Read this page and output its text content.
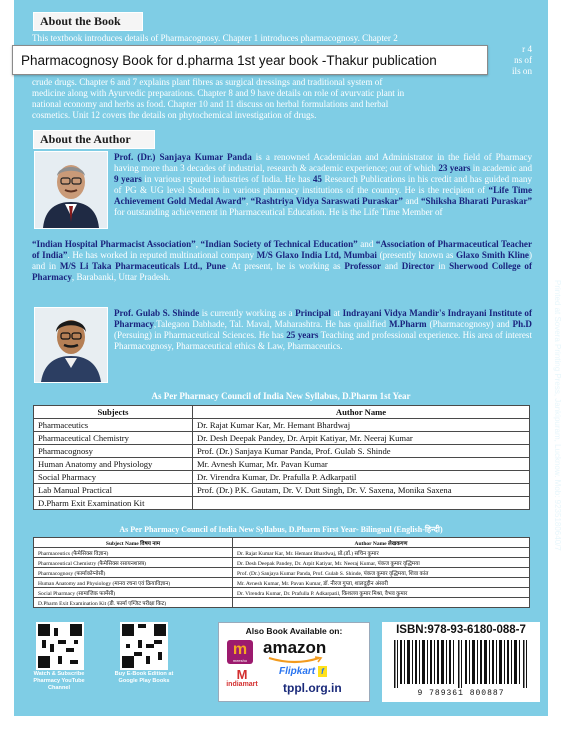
About the Book
This textbook introduces details of Pharmacognosy. Chapter 1 introduces pharmacognosy. Chapter 2
r 4
ns of
ils on
crude drugs. Chapter 6 and 7 explains plant fibres as surgical dressings and traditional system of
medicine along with Ayurvedic preparations. Chapter 8 and 9 have details on role of avurvatic plant in
national economy and herbs as food. Chapter 10 and 11 discuss on herbal formulations and herbal
cosmetics. Unit 12 covers the details on phytochemical investigation of drugs.
About the Author
Prof. (Dr.) Sanjaya Kumar Panda is a renowned Academician and Administrator in the field of Pharmacy having more than 3 decades of industrial, research & academic experience; out of which 23 years in academic and 9 years in various reputed industries of India. He has 45 Research Publications in his credit and has guided many of PG & UG level Students in various pharmacy institutions of the country. He is the recipient of “Life Time Achievement Gold Medal Award”, “Rashtriya Vidya Saraswati Puraskar” and “Shiksha Bharati Puraskar” for outstanding achievement in Pharmaceutical Education. He is the Life Time Member of
“Indian Hospital Pharmacist Association”, “Indian Society of Technical Education” and “Association of Pharmaceutical Teacher of India”. He has worked in reputed multinational company M/S Glaxo India Ltd, Mumbai (presently known as Glaxo Smith Kline) and in M/S Li Taka Pharmaceuticals Ltd., Pune. At present, he is working as Professor and Director in Sherwood College of Pharmacy, Barabanki, Uttar Pradesh.
Prof. Gulab S. Shinde is currently working as a Principal at Indrayani Vidya Mandir's Indrayani Institute of Pharmacy,Talegaon Dabhade, Tal. Maval, Maharashtra. He has qualified M.Pharm (Pharmacognosy) and Ph.D (Persuing) in Pharmaceutical Sciences. He has 25 years Teaching and professional experience. His area of interest Pharmacognosy, Pharmaceutical ethics & Law, Pharmaceutics.
As Per Pharmacy Council of India New Syllabus, D.Pharm 1st Year
Subjects	Author Name
Pharmaceutics	Dr. Rajat Kumar Kar, Mr. Hemant Bhardwaj
Pharmaceutical Chemistry	Dr. Desh Deepak Pandey, Dr. Arpit Katiyar, Mr. Neeraj Kumar
Pharmacognosy	Prof. (Dr.) Sanjaya Kumar Panda, Prof. Gulab S. Shinde
Human Anatomy and Physiology	Mr. Avnesh Kumar, Mr. Pavan Kumar
Social Pharmacy	Dr. Virendra Kumar, Dr. Prafulla P. Adkarpatil
Lab Manual Practical	Prof. (Dr.) P.K. Gautam, Dr. V. Dutt Singh, Dr. V. Saxena, Monika Saxena
D.Pharm Exit Examination Kit	
As Per Pharmacy Council of India New Syllabus, D.Pharm First Year- Bilingual (English-हिन्दी)
Subject Name विषय नाम	Author Name लेखकगण
Pharmaceutics (फैमेसिक्स विज्ञान)	Dr. Rajat Kumar Kar, Mr. Hemant Bhardwaj, प्रो.(डॉ.) सचिन कुमार
Pharmaceutical Chemistry (फैमेसिक्स रसायनशास्त्र)	Dr. Desh Deepak Pandey, Dr. Arpit Katiyar, Mr. Neeraj Kumar, पंकज कुमार वृद्धिमया
Pharmacognosy (फार्माकोग्नोसी)	Prof. (Dr.) Sanjaya Kumar Panda, Prof. Gulab S. Shinde, पंकज कुमार वृद्धिमया, शिवा कांत
Human Anatomy and Physiology (मानव रचना एवं क्रियाविज्ञान)	Mr. Avnesh Kumar, Mr. Pavan Kumar, डॉ. नीरज गुप्ता, शालदुद्दीन अंसारी
Social Pharmacy (सामाजिक फार्मेसी)	Dr. Virendra Kumar, Dr. Prafulla P. Adkarpatil, किशलय कुमार मिश्रा, वैभव कुमार
D.Pharm Exit Examination Kit (डी. फार्मा एग्जिट परीक्षा किट)	
Watch & Subscribe Pharmacy YouTube Channel
Buy E-Book Edition at Google Play Books
Also Book Available on:
m
meesho
amazon
Flipkart f
M
indiamart tppl.org.in
ISBN:978-93-6180-088-7
9 789361 800887
Printed at Sovera Printing Press, Jankipuram, Lucknow. Mob: 9235180640/7
Pharmacognosy Book for d.pharma 1st year book -Thakur publication
